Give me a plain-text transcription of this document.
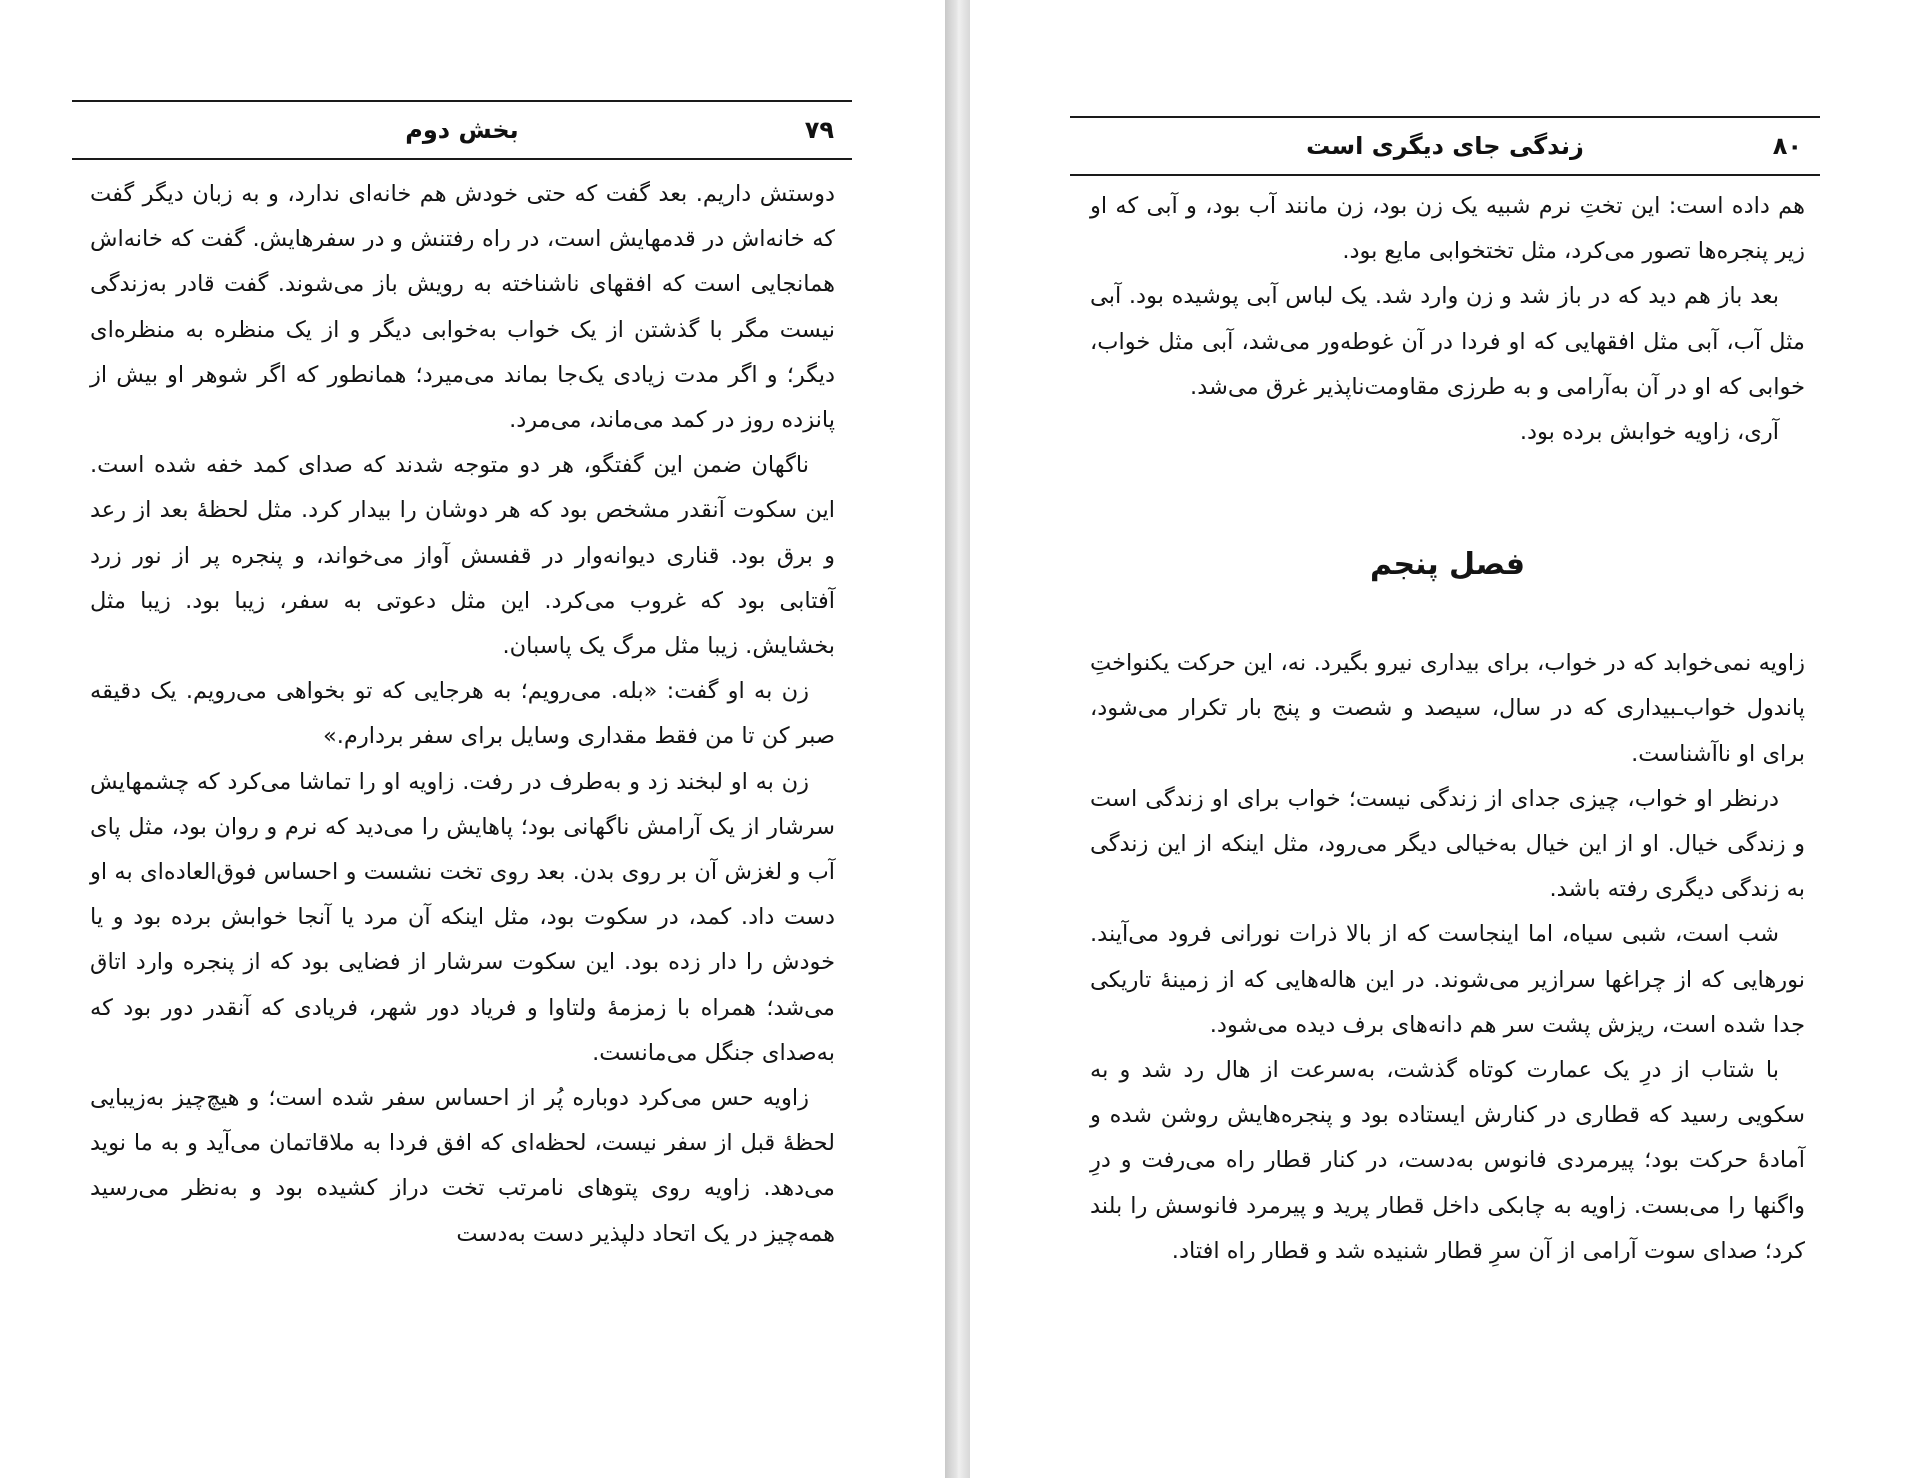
۷۹
بخش دوم

دوستش داریم. بعد گفت که حتی خودش هم خانه‌ای ندارد، و به زبان دیگر گفت که خانه‌اش در قدمهایش است، در راه رفتنش و در سفرهایش. گفت که خانه‌اش همانجایی است که افقهای ناشناخته به رویش باز می‌شوند. گفت قادر به‌زندگی نیست مگر با گذشتن از یک خواب به‌خوابی دیگر و از یک منظره به منظره‌ای دیگر؛ و اگر مدت زیادی یک‌جا بماند می‌میرد؛ همانطور که اگر شوهر او بیش از پانزده روز در کمد می‌ماند، می‌مرد.

ناگهان ضمن این گفتگو، هر دو متوجه شدند که صدای کمد خفه شده است. این سکوت آنقدر مشخص بود که هر دوشان را بیدار کرد. مثل لحظهٔ بعد از رعد و برق بود. قناری دیوانه‌وار در قفسش آواز می‌خواند، و پنجره پر از نور زرد آفتابی بود که غروب می‌کرد. این مثل دعوتی به سفر، زیبا بود. زیبا مثل بخشایش. زیبا مثل مرگ یک پاسبان.

زن به او گفت: «بله. می‌رویم؛ به هرجایی که تو بخواهی می‌رویم. یک دقیقه صبر کن تا من فقط مقداری وسایل برای سفر بردارم.»

زن به او لبخند زد و به‌طرف در رفت. زاویه او را تماشا می‌کرد که چشمهایش سرشار از یک آرامش ناگهانی بود؛ پاهایش را می‌دید که نرم و روان بود، مثل پای آب و لغزش آن بر روی بدن. بعد روی تخت نشست و احساس فوق‌العاده‌ای به او دست داد. کمد، در سکوت بود، مثل اینکه آن مرد یا آنجا خوابش برده بود و یا خودش را دار زده بود. این سکوت سرشار از فضایی بود که از پنجره وارد اتاق می‌شد؛ همراه با زمزمهٔ ولتاوا و فریاد دور شهر، فریادی که آنقدر دور بود که به‌صدای جنگل می‌مانست.

زاویه حس می‌کرد دوباره پُر از احساس سفر شده است؛ و هیچ‌چیز به‌زیبایی لحظهٔ قبل از سفر نیست، لحظه‌ای که افق فردا به ملاقاتمان می‌آید و به ما نوید می‌دهد. زاویه روی پتوهای نامرتب تخت دراز کشیده بود و به‌نظر می‌رسید همه‌چیز در یک اتحاد دلپذیر دست به‌دست

۸۰
زندگی جای دیگری است

هم داده است: این تختِ نرم شبیه یک زن بود، زن مانند آب بود، و آبی که او زیر پنجره‌ها تصور می‌کرد، مثل تختخوابی مایع بود.

بعد باز هم دید که در باز شد و زن وارد شد. یک لباس آبی پوشیده بود. آبی مثل آب، آبی مثل افقهایی که او فردا در آن غوطه‌ور می‌شد، آبی مثل خواب، خوابی که او در آن به‌آرامی و به طرزی مقاومت‌ناپذیر غرق می‌شد.

آری، زاویه خوابش برده بود.

فصل پنجم

زاویه نمی‌خوابد که در خواب، برای بیداری نیرو بگیرد. نه، این حرکت یکنواختِ پاندول خواب‌ـبیداری که در سال، سیصد و شصت و پنج بار تکرار می‌شود، برای او ناآشناست.

درنظر او خواب، چیزی جدای از زندگی نیست؛ خواب برای او زندگی است و زندگی خیال. او از این خیال به‌خیالی دیگر می‌رود، مثل اینکه از این زندگی به زندگی دیگری رفته باشد.

شب است، شبی سیاه، اما اینجاست که از بالا ذرات نورانی فرود می‌آیند. نورهایی که از چراغها سرازیر می‌شوند. در این هاله‌هایی که از زمینهٔ تاریکی جدا شده است، ریزش پشت سر هم دانه‌های برف دیده می‌شود.

با شتاب از درِ یک عمارت کوتاه گذشت، به‌سرعت از هال رد شد و به سکویی رسید که قطاری در کنارش ایستاده بود و پنجره‌هایش روشن شده و آمادهٔ حرکت بود؛ پیرمردی فانوس به‌دست، در کنار قطار راه می‌رفت و درِ واگنها را می‌بست. زاویه به چابکی داخل قطار پرید و پیرمرد فانوسش را بلند کرد؛ صدای سوت آرامی از آن سرِ قطار شنیده شد و قطار راه افتاد.
